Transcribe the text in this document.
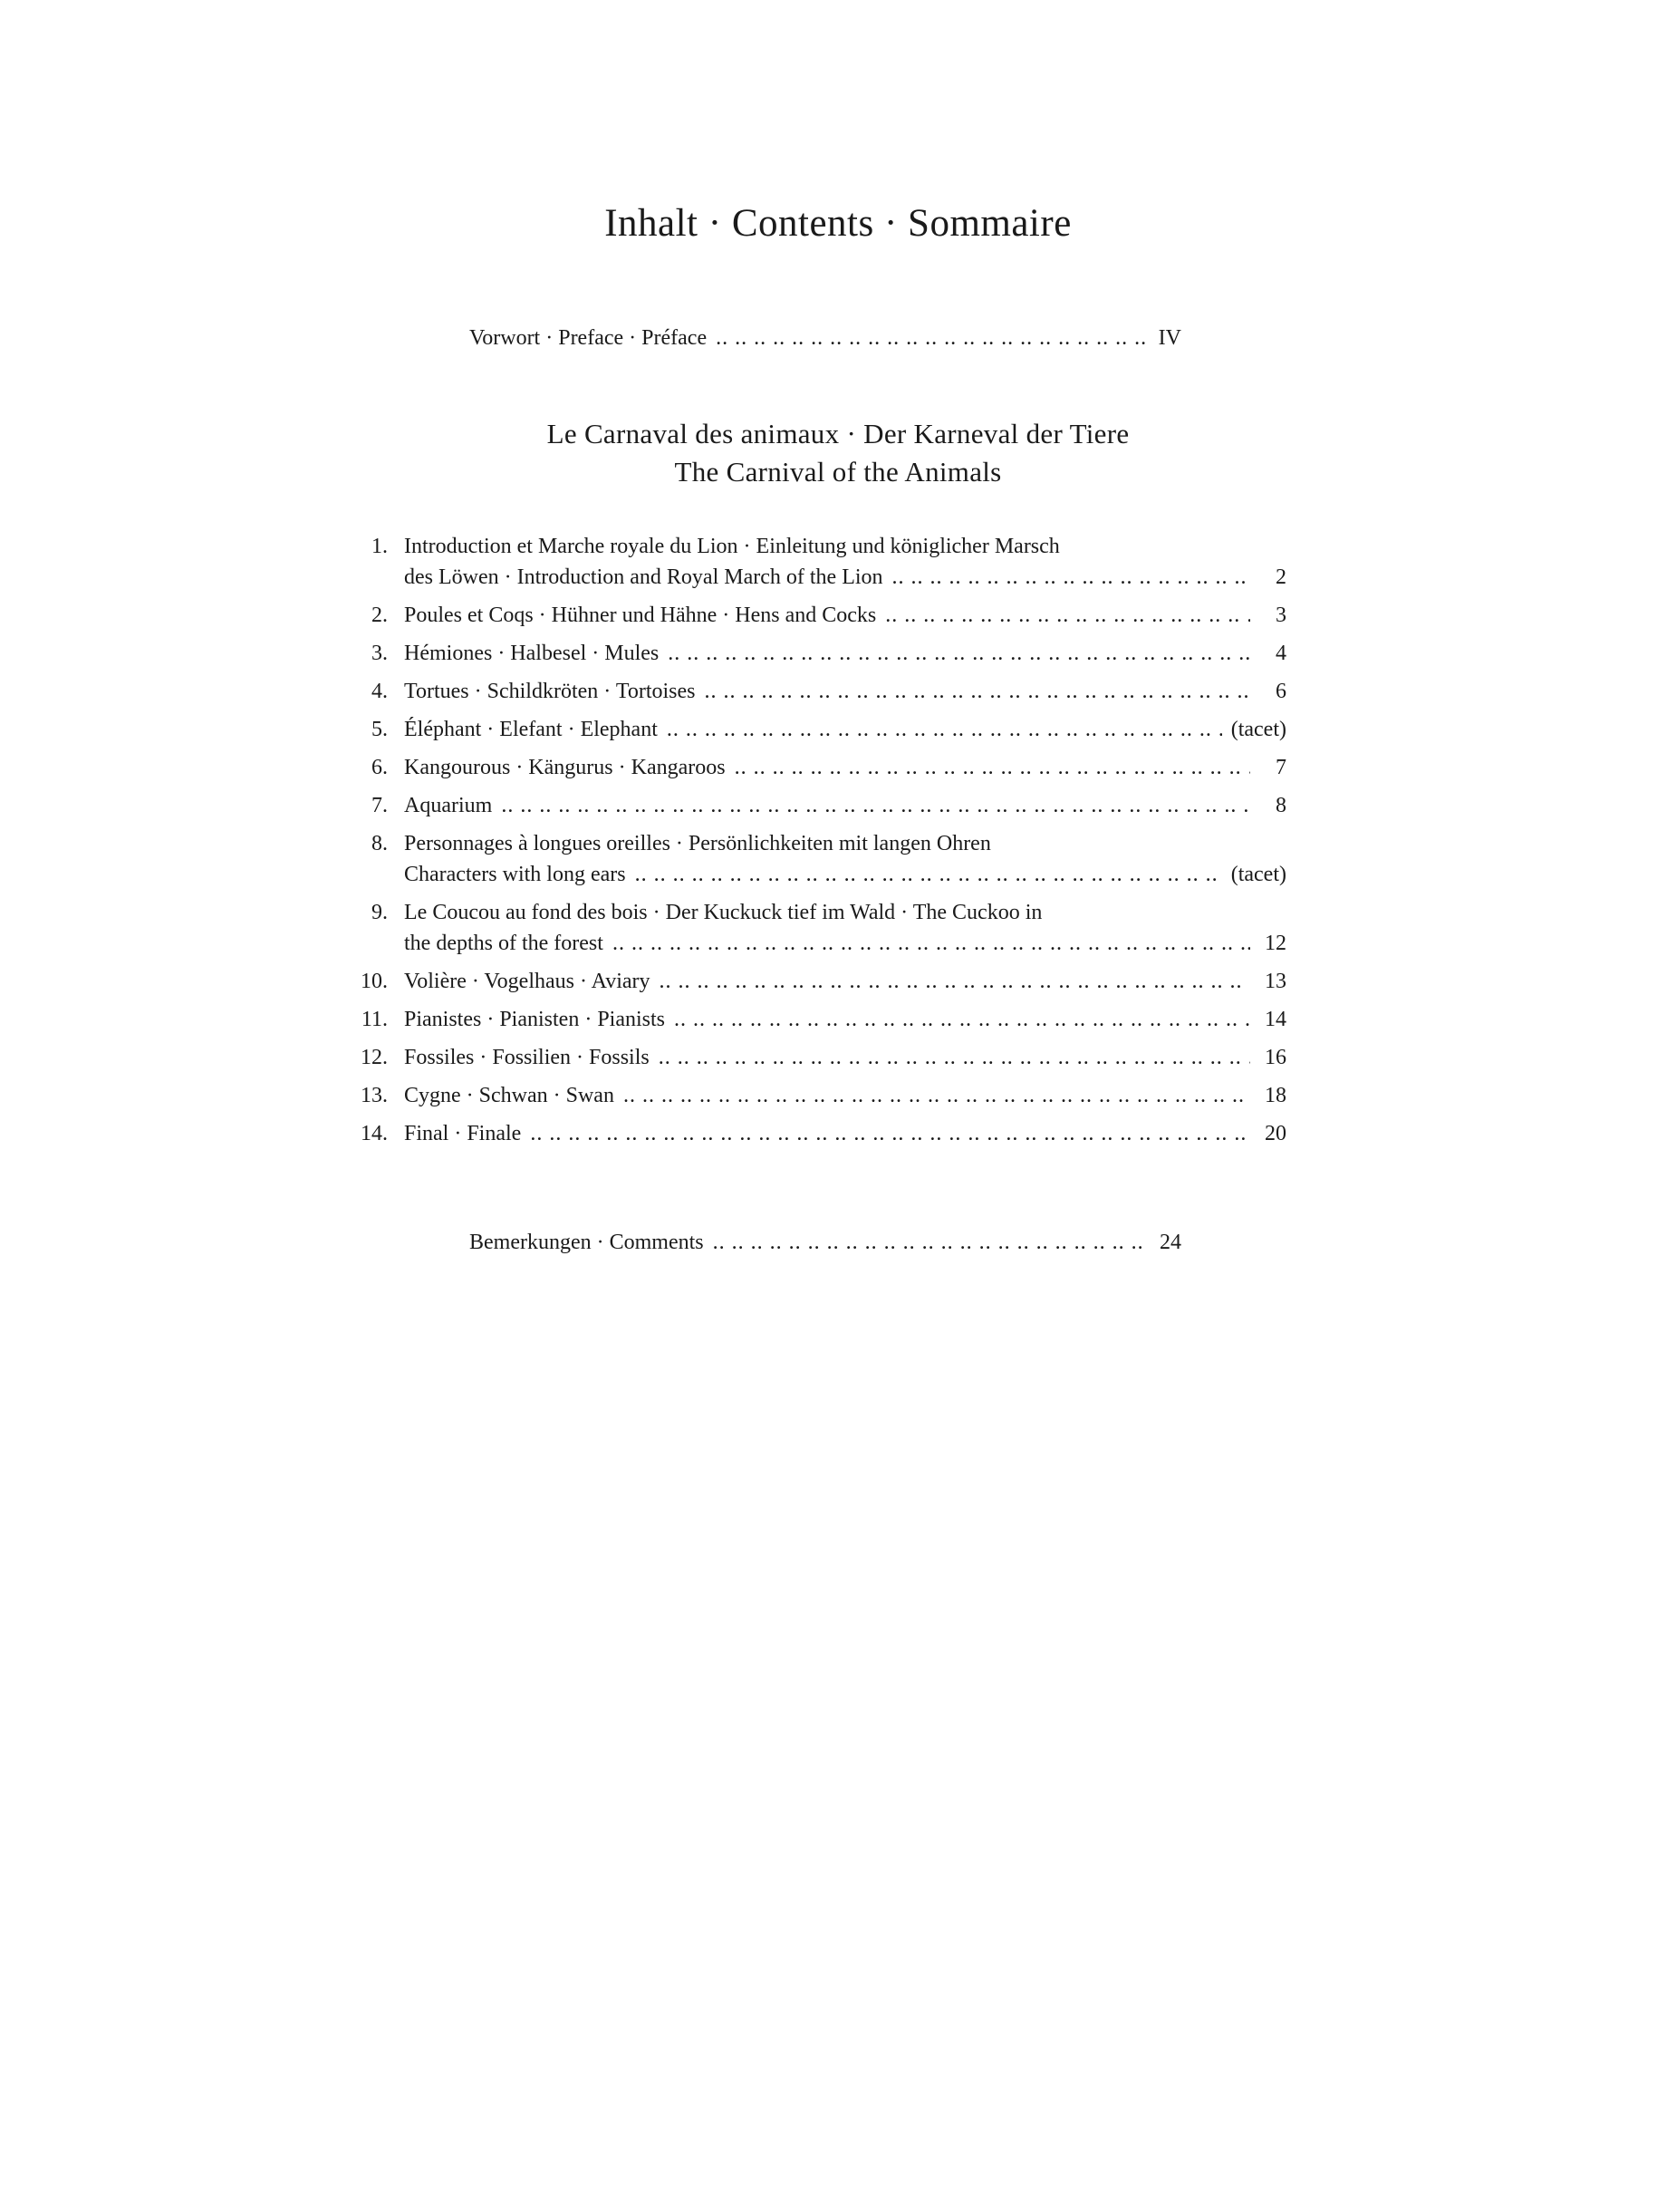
Inhalt · Contents · Sommaire
Vorwort · Preface · Préface .. ..	IV
Le Carnaval des animaux · Der Karneval der Tiere
The Carnival of the Animals
1. Introduction et Marche royale du Lion · Einleitung und königlicher Marsch
des Löwen · Introduction and Royal March of the Lion .. ..	2
2. Poules et Coqs · Hühner und Hähne · Hens and Cocks .. ..	3
3. Hémiones · Halbesel · Mules .. ..	4
4. Tortues · Schildkröten · Tortoises .. ..	6
5. Éléphant · Elefant · Elephant .. ..	(tacet)
6. Kangourous · Kängurus · Kangaroos .. ..	7
7. Aquarium .. ..	8
8. Personnages à longues oreilles · Persönlichkeiten mit langen Ohren
Characters with long ears .. ..	(tacet)
9. Le Coucou au fond des bois · Der Kuckuck tief im Wald · The Cuckoo in
the depths of the forest .. ..	12
10. Volière · Vogelhaus · Aviary .. ..	13
11. Pianistes · Pianisten · Pianists .. ..	14
12. Fossiles · Fossilien · Fossils .. ..	16
13. Cygne · Schwan · Swan .. ..	18
14. Final · Finale .. ..	20
Bemerkungen · Comments .. ..	24
